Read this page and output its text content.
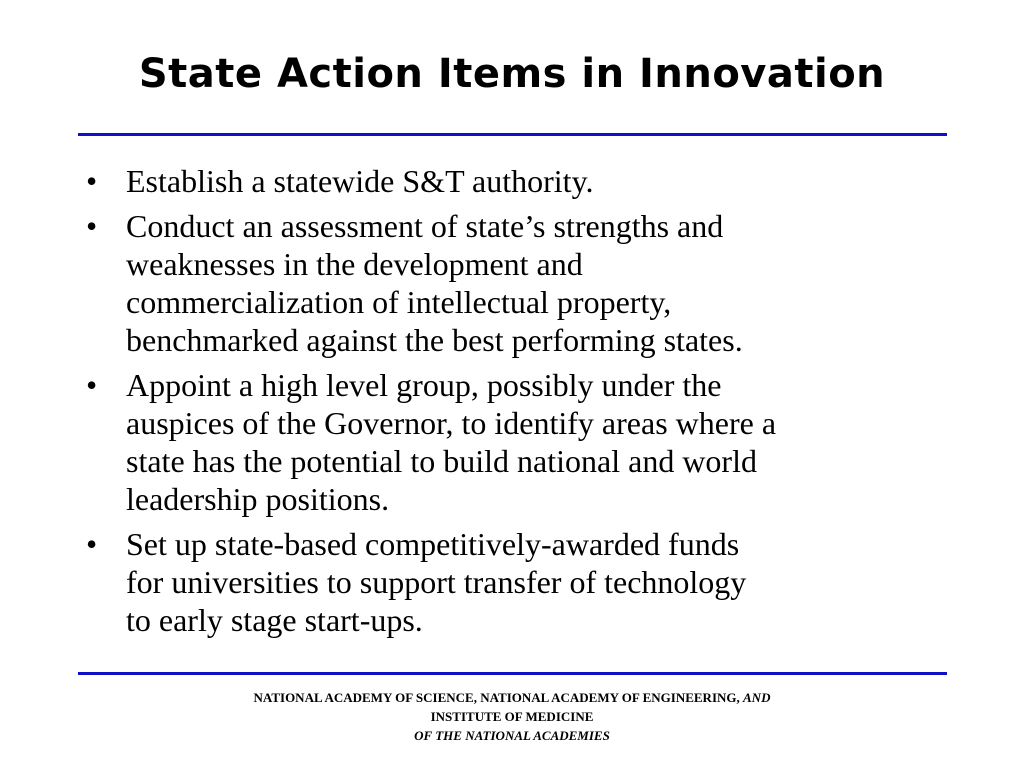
State Action Items in Innovation
• Establish a statewide S&T authority.
• Conduct an assessment of state’s strengths and
weaknesses in the development and
commercialization of intellectual property,
benchmarked against the best performing states.
• Appoint a high level group, possibly under the
auspices of the Governor, to identify areas where a
state has the potential to build national and world
leadership positions.
• Set up state-based competitively-awarded funds
for universities to support transfer of technology
to early stage start-ups.
NATIONAL ACADEMY OF SCIENCE, NATIONAL ACADEMY OF ENGINEERING, AND
INSTITUTE OF MEDICINE
OF THE NATIONAL ACADEMIES
